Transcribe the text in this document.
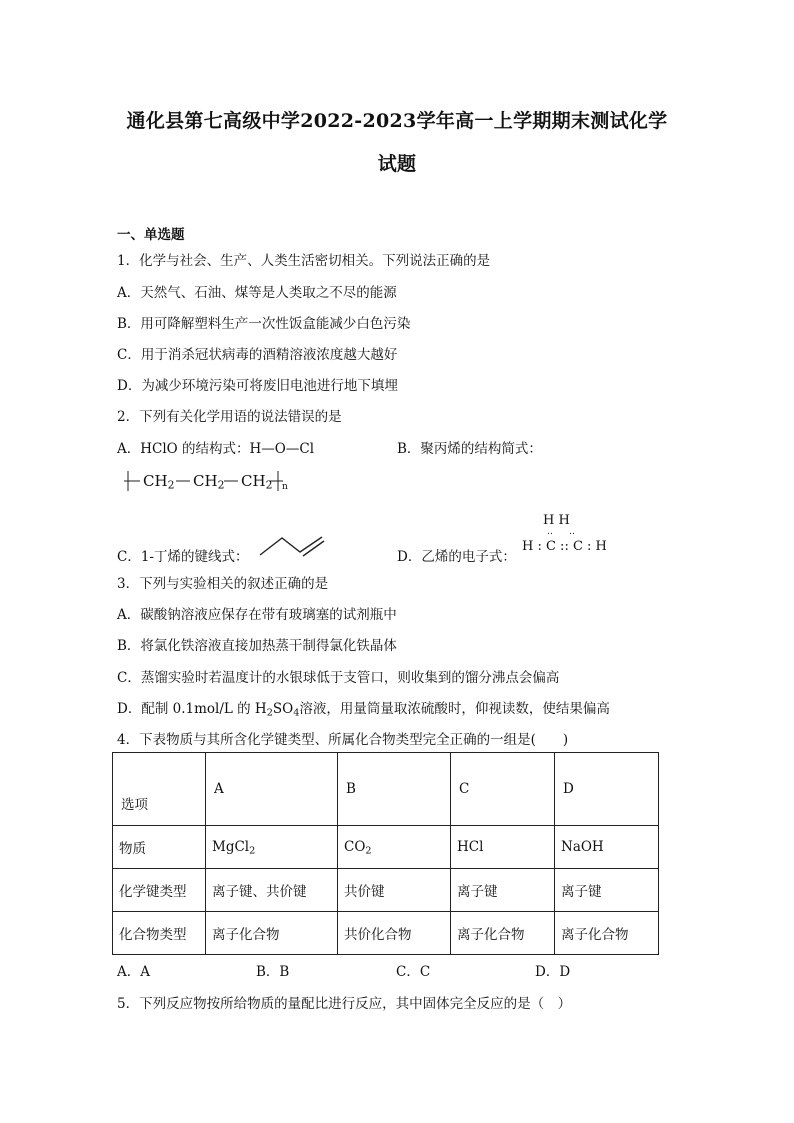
通化县第七高级中学2022-2023学年高一上学期期末测试化学
试题
一、单选题
1．化学与社会、生产、人类生活密切相关。下列说法正确的是
A．天然气、石油、煤等是人类取之不尽的能源
B．用可降解塑料生产一次性饭盒能减少白色污染
C．用于消杀冠状病毒的酒精溶液浓度越大越好
D．为减少环境污染可将废旧电池进行地下填埋
2．下列有关化学用语的说法错误的是
A．HClO 的结构式：H—O—Cl	B．聚丙烯的结构简式：
$CH_2$ $CH_2$ $CH_2$ n
C．1-丁烯的键线式：	D．乙烯的电子式：
H H
‥ ‥
H : C :: C : H
3．下列与实验相关的叙述正确的是
A．碳酸钠溶液应保存在带有玻璃塞的试剂瓶中
B．将氯化铁溶液直接加热蒸干制得氯化铁晶体
C．蒸馏实验时若温度计的水银球低于支管口，则收集到的馏分沸点会偏高
D．配制 0.1mol/L 的 $H_2SO_4$溶液，用量筒量取浓硫酸时，仰视读数，使结果偏高
4．下表物质与其所含化学键类型、所属化合物类型完全正确的一组是(　　)
选项	A	B	C	D

物质	MgCl$_2$	$CO_2$	HCl	NaOH
化学键类型	离子键、共价键	共价键	离子键	离子键
化合物类型	离子化合物	共价化合物	离子化合物	离子化合物
A．A	B．B	C．C	D．D
5．下列反应物按所给物质的量配比进行反应，其中固体完全反应的是（　）
